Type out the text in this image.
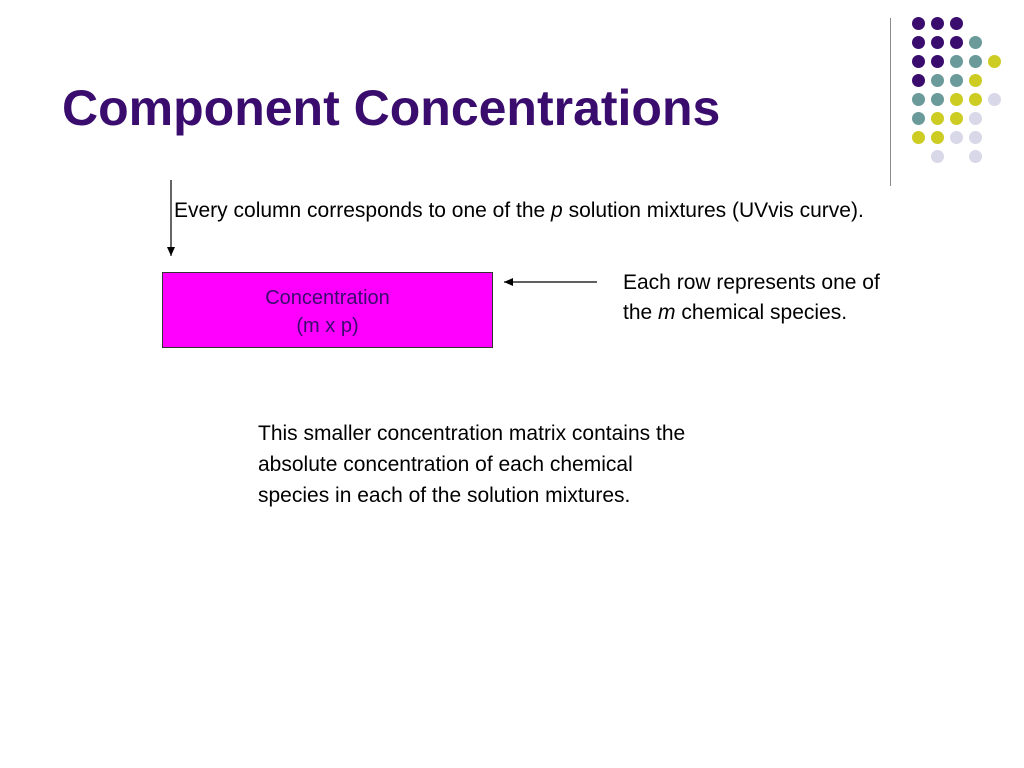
Component Concentrations
Every column corresponds to one of the p solution mixtures (UVvis curve).
Concentration
(m x p)
Each row represents one of
the m chemical species.
This smaller concentration matrix contains the
absolute concentration of each chemical
species in each of the solution mixtures.
